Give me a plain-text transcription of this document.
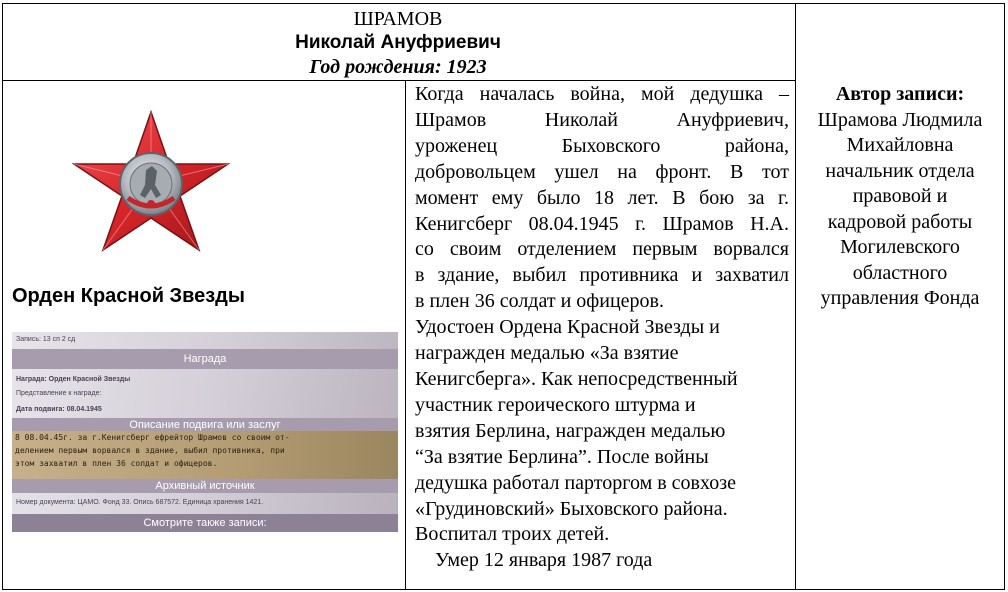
ШРАМОВ
Николай Ануфриевич
Год рождения: 1923
Орден Красной Звезды
Запись: 13 сп 2 сд
Награда
Награда: Орден Красной Звезды
Представление к награде:
Дата подвига: 08.04.1945
Описание подвига или заслуг
8 08.04.45г. за г.Кенигсберг ефрейтор Шрамов со своим от-
делением первым ворвался в здание, выбил противника, при
этом захватил в плен 36 солдат и офицеров.
Архивный источник
Номер документа: ЦАМО. Фонд 33. Опись 687572. Единица хранения 1421.
Смотрите также записи:
Когда началась война, мой дедушка –
Шрамов Николай Ануфриевич,
уроженец Быховского района,
добровольцем ушел на фронт. В тот
момент ему было 18 лет. В бою за г.
Кенигсберг 08.04.1945 г. Шрамов Н.А.
со своим отделением первым ворвался
в здание, выбил противника и захватил
в плен 36 солдат и офицеров.
Удостоен Ордена Красной Звезды и
награжден медалью «За взятие
Кенигсберга». Как непосредственный
участник героического штурма и
взятия Берлина, награжден медалью
“За взятие Берлина”. После войны
дедушка работал парторгом в совхозе
«Грудиновский» Быховского района.
Воспитал троих детей.
Умер 12 января 1987 года
Автор записи:
Шрамова Людмила
Михайловна
начальник отдела
правовой и
кадровой работы
Могилевского
областного
управления Фонда
